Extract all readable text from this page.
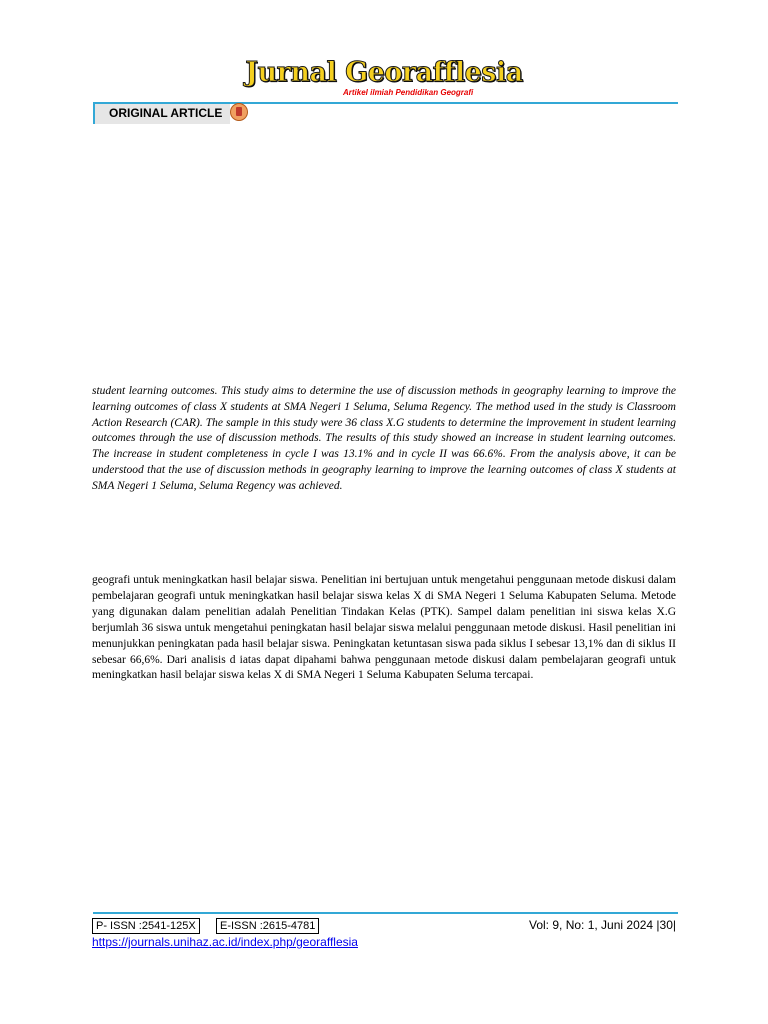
Jurnal Georafflesia
Artikel ilmiah Pendidikan Geografi
ORIGINAL ARTICLE

student learning outcomes. This study aims to determine the use of discussion methods in geography learning to improve the learning outcomes of class X students at SMA Negeri 1 Seluma, Seluma Regency. The method used in the study is Classroom Action Research (CAR). The sample in this study were 36 class X.G students to determine the improvement in student learning outcomes through the use of discussion methods. The results of this study showed an increase in student learning outcomes. The increase in student completeness in cycle I was 13.1% and in cycle II was 66.6%. From the analysis above, it can be understood that the use of discussion methods in geography learning to improve the learning outcomes of class X students at SMA Negeri 1 Seluma, Seluma Regency was achieved.

geografi untuk meningkatkan hasil belajar siswa. Penelitian ini bertujuan untuk mengetahui penggunaan metode diskusi dalam pembelajaran geografi untuk meningkatkan hasil belajar siswa kelas X di SMA Negeri 1 Seluma Kabupaten Seluma. Metode yang digunakan dalam penelitian adalah Penelitian Tindakan Kelas (PTK). Sampel dalam penelitian ini siswa kelas X.G berjumlah 36 siswa untuk mengetahui peningkatan hasil belajar siswa melalui penggunaan metode diskusi. Hasil penelitian ini menunjukkan peningkatan pada hasil belajar siswa. Peningkatan ketuntasan siswa pada siklus I sebesar 13,1% dan di siklus II sebesar 66,6%. Dari analisis d iatas dapat dipahami bahwa penggunaan metode diskusi dalam pembelajaran geografi untuk meningkatkan hasil belajar siswa kelas X di SMA Negeri 1 Seluma Kabupaten Seluma tercapai.

P- ISSN :2541-125X	E-ISSN :2615-4781	Vol: 9, No: 1, Juni 2024 |30|
https://journals.unihaz.ac.id/index.php/georafflesia
